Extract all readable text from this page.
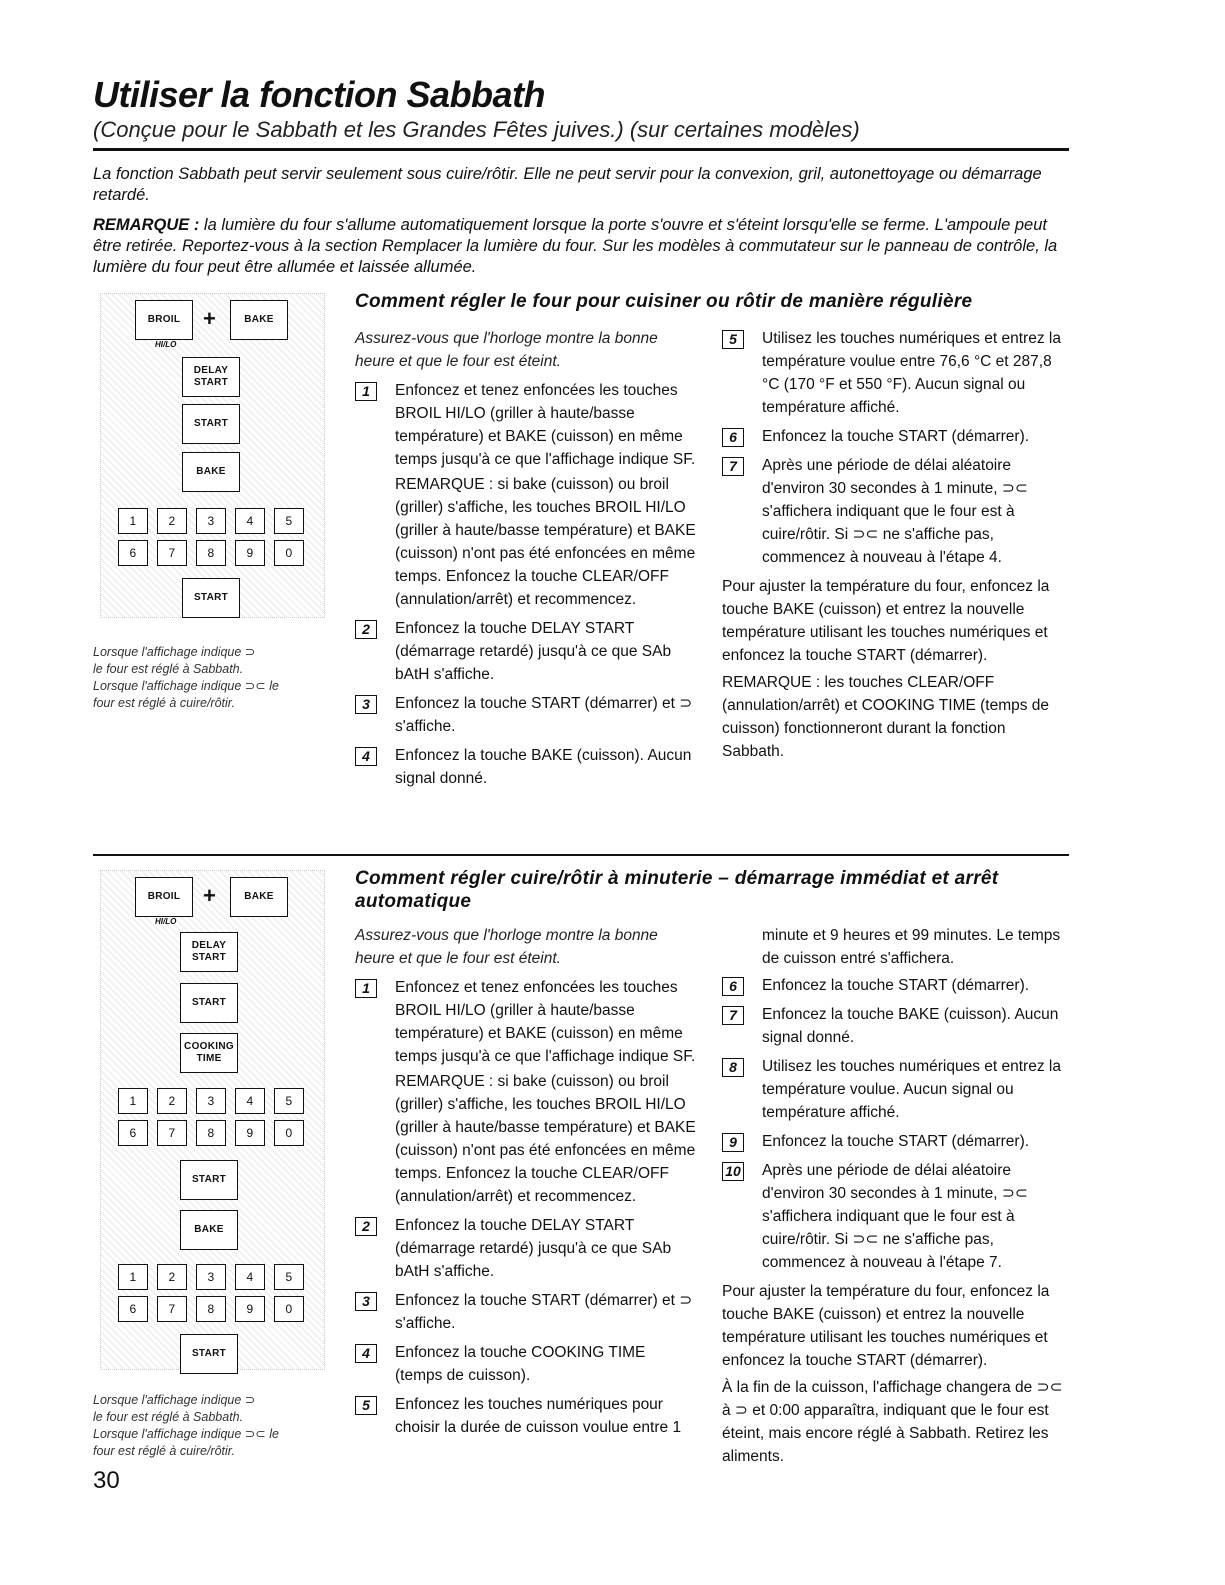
Utiliser la fonction Sabbath
(Conçue pour le Sabbath et les Grandes Fêtes juives.) (sur certaines modèles)

La fonction Sabbath peut servir seulement sous cuire/rôtir. Elle ne peut servir pour la convexion, gril, autonettoyage ou démarrage retardé.

REMARQUE : la lumière du four s'allume automatiquement lorsque la porte s'ouvre et s'éteint lorsqu'elle se ferme. L'ampoule peut être retirée. Reportez-vous à la section Remplacer la lumière du four. Sur les modèles à commutateur sur le panneau de contrôle, la lumière du four peut être allumée et laissée allumée.

BROIL
HI/LO
+	BAKE
DELAY
START
START
BAKE
1	2	3	4	5
6	7	8	9	0
START
Lorsque l'affichage indique ⊃
le four est réglé à Sabbath.
Lorsque l'affichage indique ⊃⊂ le
four est réglé à cuire/rôtir.
Comment régler le four pour cuisiner ou rôtir de manière régulière

Assurez-vous que l'horloge montre la bonne heure et que le four est éteint.

1	Enfoncez et tenez enfoncées les touches BROIL HI/LO (griller à haute/basse température) et BAKE (cuisson) en même temps jusqu'à ce que l'affichage indique SF.

REMARQUE : si bake (cuisson) ou broil (griller) s'affiche, les touches BROIL HI/LO (griller à haute/basse température) et BAKE (cuisson) n'ont pas été enfoncées en même temps. Enfoncez la touche CLEAR/OFF (annulation/arrêt) et recommencez.

2	Enfoncez la touche DELAY START (démarrage retardé) jusqu'à ce que SAb bAtH s'affiche.

3	Enfoncez la touche START (démarrer) et ⊃ s'affiche.

4	Enfoncez la touche BAKE (cuisson). Aucun signal donné.

5	Utilisez les touches numériques et entrez la température voulue entre 76,6 °C et 287,8 °C (170 °F et 550 °F). Aucun signal ou température affiché.

6	Enfoncez la touche START (démarrer).

7	Après une période de délai aléatoire d'environ 30 secondes à 1 minute, ⊃⊂ s'affichera indiquant que le four est à cuire/rôtir. Si ⊃⊂ ne s'affiche pas, commencez à nouveau à l'étape 4.

Pour ajuster la température du four, enfoncez la touche BAKE (cuisson) et entrez la nouvelle température utilisant les touches numériques et enfoncez la touche START (démarrer).

REMARQUE : les touches CLEAR/OFF (annulation/arrêt) et COOKING TIME (temps de cuisson) fonctionneront durant la fonction Sabbath.

BROIL
HI/LO
+	BAKE
DELAY
START
START
COOKING
TIME
1	2	3	4	5
6	7	8	9	0
START
BAKE
1	2	3	4	5
6	7	8	9	0
START
Lorsque l'affichage indique ⊃
le four est réglé à Sabbath.
Lorsque l'affichage indique ⊃⊂ le
four est réglé à cuire/rôtir.
Comment régler cuire/rôtir à minuterie – démarrage immédiat et arrêt automatique

Assurez-vous que l'horloge montre la bonne heure et que le four est éteint.

1	Enfoncez et tenez enfoncées les touches BROIL HI/LO (griller à haute/basse température) et BAKE (cuisson) en même temps jusqu'à ce que l'affichage indique SF.

REMARQUE : si bake (cuisson) ou broil (griller) s'affiche, les touches BROIL HI/LO (griller à haute/basse température) et BAKE (cuisson) n'ont pas été enfoncées en même temps. Enfoncez la touche CLEAR/OFF (annulation/arrêt) et recommencez.

2	Enfoncez la touche DELAY START (démarrage retardé) jusqu'à ce que SAb bAtH s'affiche.

3	Enfoncez la touche START (démarrer) et ⊃ s'affiche.

4	Enfoncez la touche COOKING TIME (temps de cuisson).

5	Enfoncez les touches numériques pour choisir la durée de cuisson voulue entre 1

minute et 9 heures et 99 minutes. Le temps de cuisson entré s'affichera.

6	Enfoncez la touche START (démarrer).

7	Enfoncez la touche BAKE (cuisson). Aucun signal donné.

8	Utilisez les touches numériques et entrez la température voulue. Aucun signal ou température affiché.

9	Enfoncez la touche START (démarrer).

10 Après une période de délai aléatoire d'environ 30 secondes à 1 minute, ⊃⊂ s'affichera indiquant que le four est à cuire/rôtir. Si ⊃⊂ ne s'affiche pas, commencez à nouveau à l'étape 7.

Pour ajuster la température du four, enfoncez la touche BAKE (cuisson) et entrez la nouvelle température utilisant les touches numériques et enfoncez la touche START (démarrer).

À la fin de la cuisson, l'affichage changera de ⊃⊂ à ⊃ et 0:00 apparaîtra, indiquant que le four est éteint, mais encore réglé à Sabbath. Retirez les aliments.

30
